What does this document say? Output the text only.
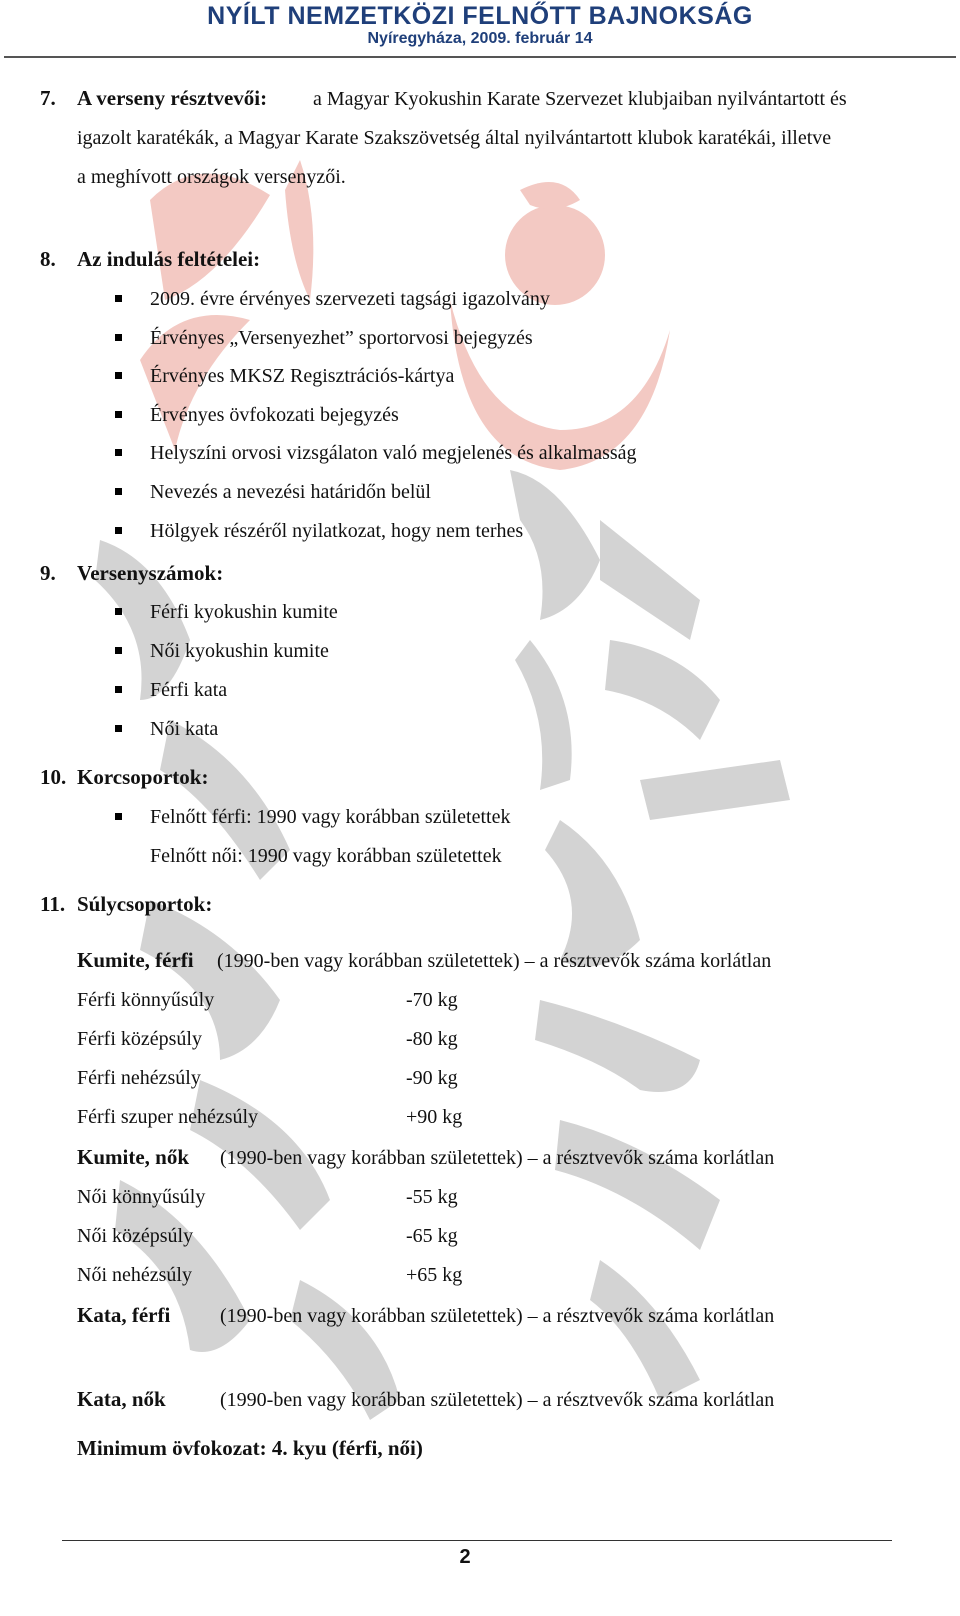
NYÍLT NEMZETKÖZI FELNŐTT BAJNOKSÁG
Nyíregyháza, 2009. február 14
7. A verseny résztvevői: a Magyar Kyokushin Karate Szervezet klubjaiban nyilvántartott és
igazolt karatékák, a Magyar Karate Szakszövetség által nyilvántartott klubok karatékái, illetve
a meghívott országok versenyzői.
8. Az indulás feltételei:
2009. évre érvényes szervezeti tagsági igazolvány
Érvényes „Versenyezhet” sportorvosi bejegyzés
Érvényes MKSZ Regisztrációs-kártya
Érvényes övfokozati bejegyzés
Helyszíni orvosi vizsgálaton való megjelenés és alkalmasság
Nevezés a nevezési határidőn belül
Hölgyek részéről nyilatkozat, hogy nem terhes
9. Versenyszámok:
Férfi kyokushin kumite
Női kyokushin kumite
Férfi kata
Női kata
10. Korcsoportok:
Felnőtt férfi: 1990 vagy korábban születettek
Felnőtt női: 1990 vagy korábban születettek
11. Súlycsoportok:
Kumite, férfi (1990-ben vagy korábban születettek) – a résztvevők száma korlátlan
Férfi könnyűsúly	-70 kg
Férfi középsúly	-80 kg
Férfi nehézsúly	-90 kg
Férfi szuper nehézsúly	+90 kg
Kumite, nők (1990-ben vagy korábban születettek) – a résztvevők száma korlátlan
Női könnyűsúly	-55 kg
Női középsúly	-65 kg
Női nehézsúly	+65 kg
Kata, férfi (1990-ben vagy korábban születettek) – a résztvevők száma korlátlan
Kata, nők	(1990-ben vagy korábban születettek) – a résztvevők száma korlátlan
Minimum övfokozat: 4. kyu (férfi, női)
2
